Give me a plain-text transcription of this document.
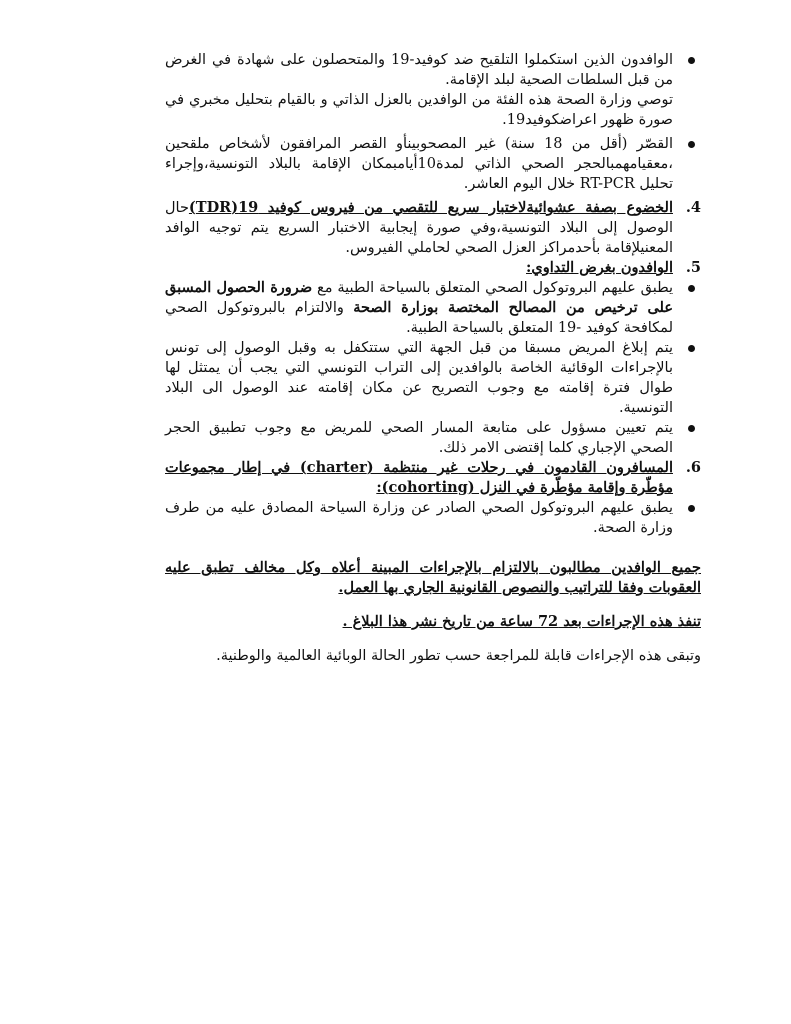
الوافدون الذين استكملوا التلقيح ضد كوفيد-19 والمتحصلون على شهادة في الغرض من قبل السلطات الصحية لبلد الإقامة.

توصي وزارة الصحة هذه الفئة من الوافدين بالعزل الذاتي و بالقيام بتحليل مخبري في صورة ظهور اعراضكوفيد19.

القصّر (أقل من 18 سنة) غير المصحوبينأو القصر المرافقون لأشخاص ملقحين ،معقيامهمبالحجر الصحي الذاتي لمدة10أيامبمكان الإقامة بالبلاد التونسية،وإجراء تحليل RT-PCR خلال اليوم العاشر.

4.

الخضوع بصفة عشوائيةلاختبار سريع للتقصي من فيروس كوفيد 19(TDR)حال الوصول إلى البلاد التونسية،وفي صورة إيجابية الاختبار السريع يتم توجيه الوافد المعنيلإقامة بأحدمراكز العزل الصحي لحاملي الفيروس.

5.

الوافدون بغرض التداوي:

يطبق عليهم البروتوكول الصحي المتعلق بالسياحة الطبية مع ضرورة الحصول المسبق على ترخيص من المصالح المختصة بوزارة الصحة والالتزام بالبروتوكول الصحي لمكافحة كوفيد -19 المتعلق بالسياحة الطبية.

يتم إبلاغ المريض مسبقا من قبل الجهة التي ستتكفل به وقبل الوصول إلى تونس بالإجراءات الوقائية الخاصة بالوافدين إلى التراب التونسي التي يجب أن يمتثل لها طوال فترة إقامته مع وجوب التصريح عن مكان إقامته عند الوصول الى البلاد التونسية.

يتم تعيين مسؤول على متابعة المسار الصحي للمريض مع وجوب تطبيق الحجر الصحي الإجباري كلما إقتضى الامر ذلك.

6.

المسافرون القادمون في رحلات غير منتظمة (charter) في إطار مجموعات مؤطّرة وإقامة مؤطّرة في النزل (cohorting):

يطبق عليهم البروتوكول الصحي الصادر عن وزارة السياحة المصادق عليه من طرف وزارة الصحة.

جميع الوافدين مطالبون بالالتزام بالإجراءات المبينة أعلاه وكل مخالف تطبق عليه العقوبات وفقا للتراتيب والنصوص القانونية الجاري بها العمل.

تنفذ هذه الإجراءات بعد 72 ساعة من تاريخ نشر هذا البلاغ .

وتبقى هذه الإجراءات قابلة للمراجعة حسب تطور الحالة الوبائية العالمية والوطنية.
